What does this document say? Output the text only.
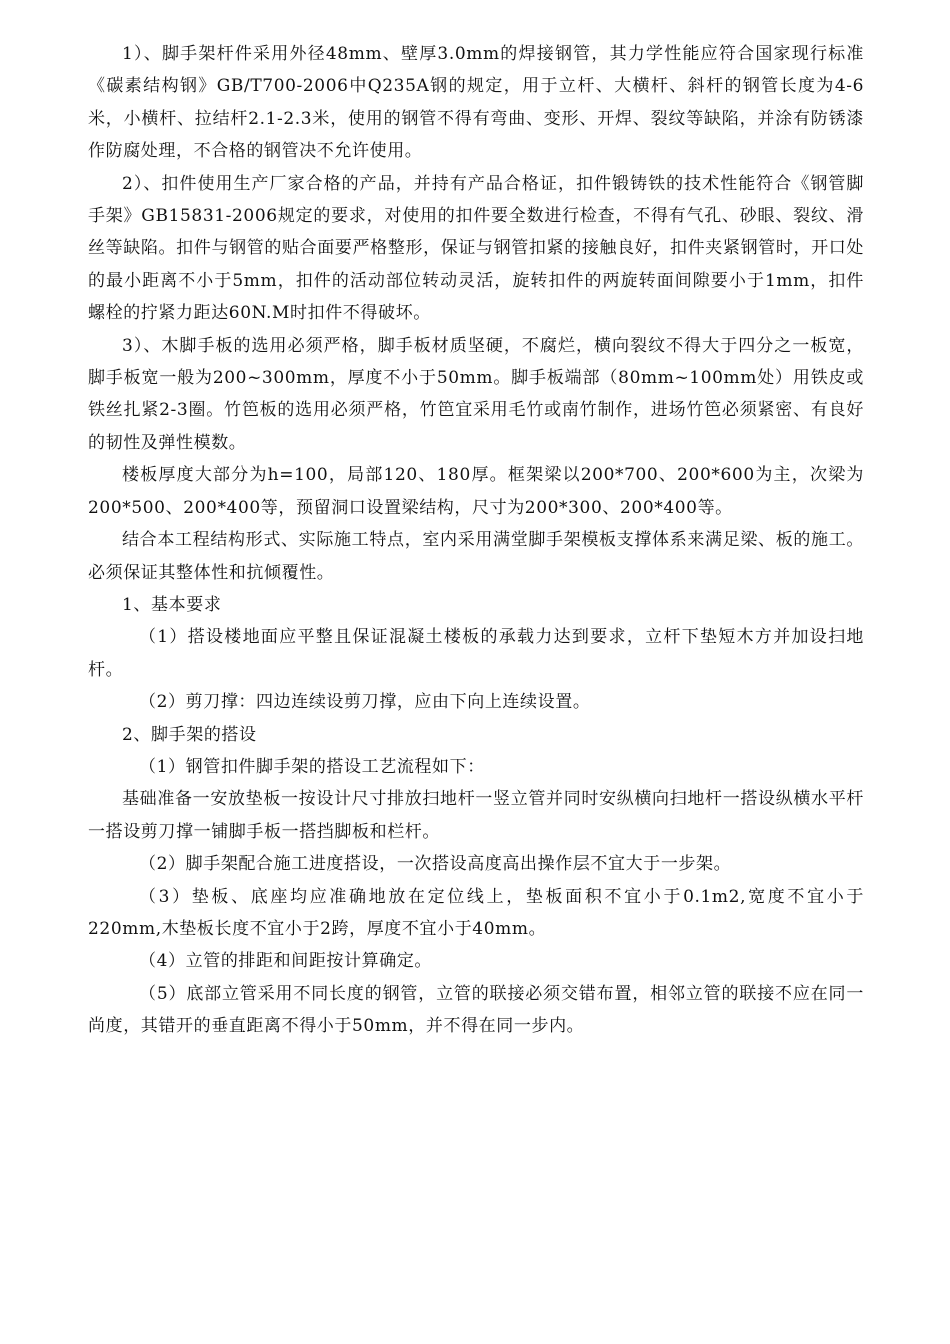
1）、脚手架杆件采用外径48mm、壁厚3.0mm的焊接钢管，其力学性能应符合国家现行标准《碳素结构钢》GB/T700-2006中Q235A钢的规定，用于立杆、大横杆、斜杆的钢管长度为4-6米，小横杆、拉结杆2.1-2.3米，使用的钢管不得有弯曲、变形、开焊、裂纹等缺陷，并涂有防锈漆作防腐处理，不合格的钢管决不允许使用。

2）、扣件使用生产厂家合格的产品，并持有产品合格证，扣件锻铸铁的技术性能符合《钢管脚手架》GB15831-2006规定的要求，对使用的扣件要全数进行检查，不得有气孔、砂眼、裂纹、滑丝等缺陷。扣件与钢管的贴合面要严格整形，保证与钢管扣紧的接触良好，扣件夹紧钢管时，开口处的最小距离不小于5mm，扣件的活动部位转动灵活，旋转扣件的两旋转面间隙要小于1mm，扣件螺栓的拧紧力距达60N.M时扣件不得破坏。

3）、木脚手板的选用必须严格，脚手板材质坚硬，不腐烂，横向裂纹不得大于四分之一板宽，脚手板宽一般为200~300mm，厚度不小于50mm。脚手板端部（80mm~100mm处）用铁皮或铁丝扎紧2-3圈。竹笆板的选用必须严格，竹笆宜采用毛竹或南竹制作，进场竹笆必须紧密、有良好的韧性及弹性模数。

楼板厚度大部分为h=100，局部120、180厚。框架梁以200*700、200*600为主，次梁为200*500、200*400等，预留洞口设置梁结构，尺寸为200*300、200*400等。

结合本工程结构形式、实际施工特点，室内采用满堂脚手架模板支撑体系来满足梁、板的施工。必须保证其整体性和抗倾覆性。

1、基本要求

（1）搭设楼地面应平整且保证混凝土楼板的承载力达到要求，立杆下垫短木方并加设扫地杆。

（2）剪刀撑：四边连续设剪刀撑，应由下向上连续设置。

2、脚手架的搭设

（1）钢管扣件脚手架的搭设工艺流程如下：

基础准备一安放垫板一按设计尺寸排放扫地杆一竖立管并同时安纵横向扫地杆一搭设纵横水平杆一搭设剪刀撑一铺脚手板一搭挡脚板和栏杆。

（2）脚手架配合施工进度搭设，一次搭设高度高出操作层不宜大于一步架。

（3）垫板、底座均应准确地放在定位线上，垫板面积不宜小于0.1m2,宽度不宜小于220mm,木垫板长度不宜小于2跨，厚度不宜小于40mm。

（4）立管的排距和间距按计算确定。

（5）底部立管采用不同长度的钢管，立管的联接必须交错布置，相邻立管的联接不应在同一尚度，其错开的垂直距离不得小于50mm，并不得在同一步内。
